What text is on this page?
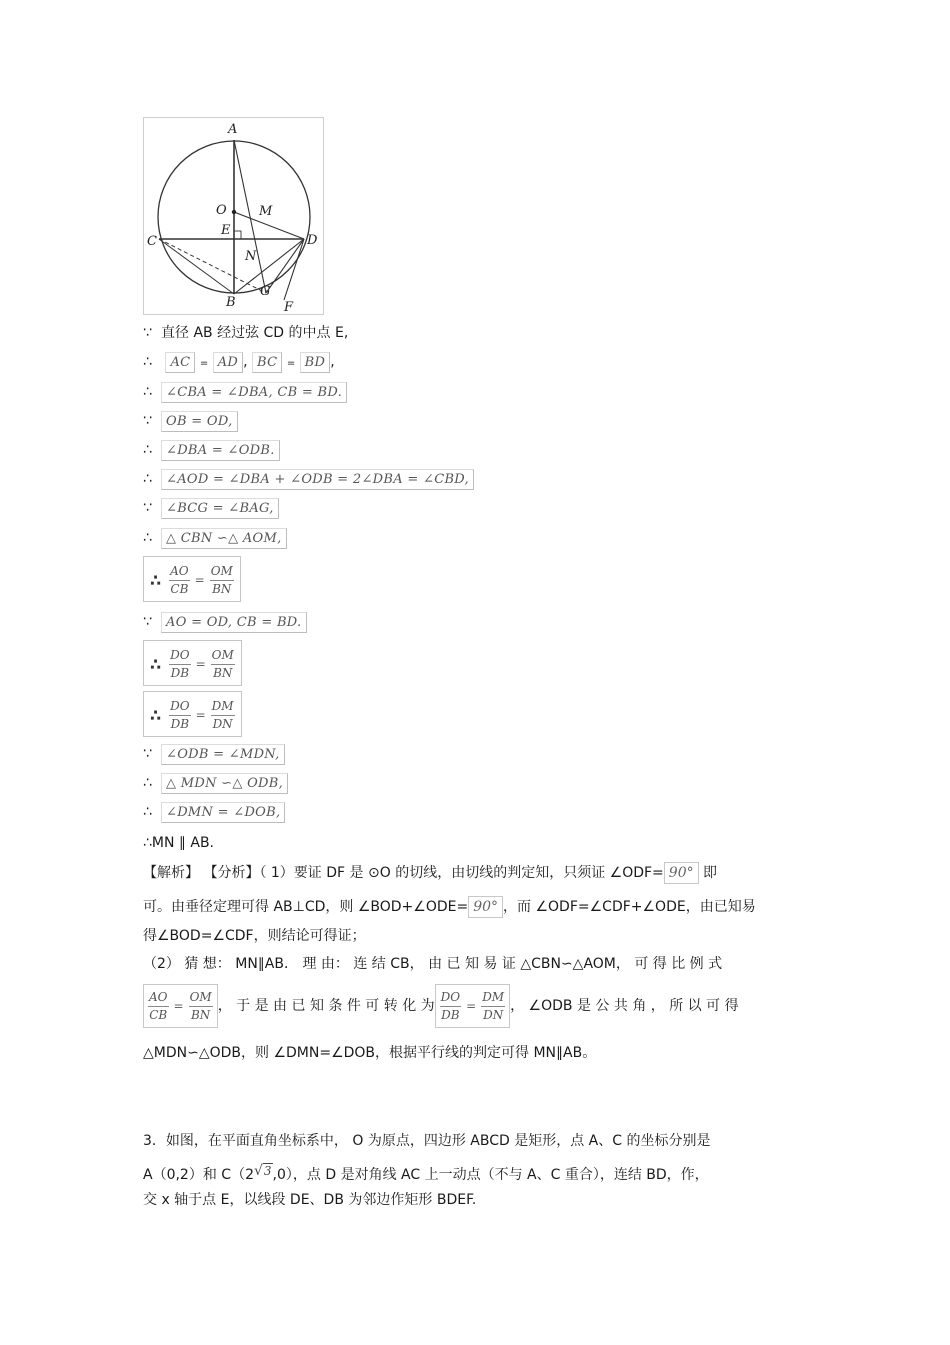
A
O M
E
C	D
N
B
G
F
∵ 直径 AB 经过弦 CD 的中点 E,
∴ AC = AD , BC = BD ,
∴ ∠CBA = ∠DBA, CB = BD.
∵ OB = OD,
∴ ∠DBA = ∠ODB.
∴ ∠AOD = ∠DBA + ∠ODB = 2∠DBA = ∠CBD,
∵ ∠BCG = ∠BAG,
∴ △ CBN ∽△ AOM,
∴ $\frac{AO}{CB} = \frac{OM}{BN}$
∵ AO = OD, CB = BD.
∴ $\frac{DO}{DB} = \frac{OM}{BN}$
∴ $\frac{DO}{DB} = \frac{DM}{DN}$
∵ ∠ODB = ∠MDN,
∴ △ MDN ∽△ ODB,
∴ ∠DMN = ∠DOB,
∴MN ∥ AB.
【解析】 【分析】（ 1）要证 DF 是 ⊙O 的切线，由切线的判定知，只须证 ∠ODF= 90° 即
可。由垂径定理可得 AB⊥CD，则 ∠BOD+∠ODE= 90° ，而 ∠ODF=∠CDF+∠ODE，由已知易
得∠BOD=∠CDF，则结论可得证；
（2） 猜 想： MN∥AB． 理 由： 连 结 CB， 由 已 知 易 证 △CBN∽△AOM， 可 得 比 例 式
$\frac{AO}{CB} = \frac{OM}{BN}$ ， 于 是 由 已 知 条 件 可 转 化 为 $\frac{DO}{DB} = \frac{DM}{DN}$ ， ∠ODB 是 公 共 角 ， 所 以 可 得
△MDN∽△ODB，则 ∠DMN=∠DOB，根据平行线的判定可得 MN∥AB。
3．如图，在平面直角坐标系中， O 为原点，四边形 ABCD 是矩形，点 A、C 的坐标分别是
A（0,2）和 C（2√3,0），点 D 是对角线 AC 上一动点（不与 A、C 重合），连结 BD，作，
交 x 轴于点 E，以线段 DE、DB 为邻边作矩形 BDEF.
